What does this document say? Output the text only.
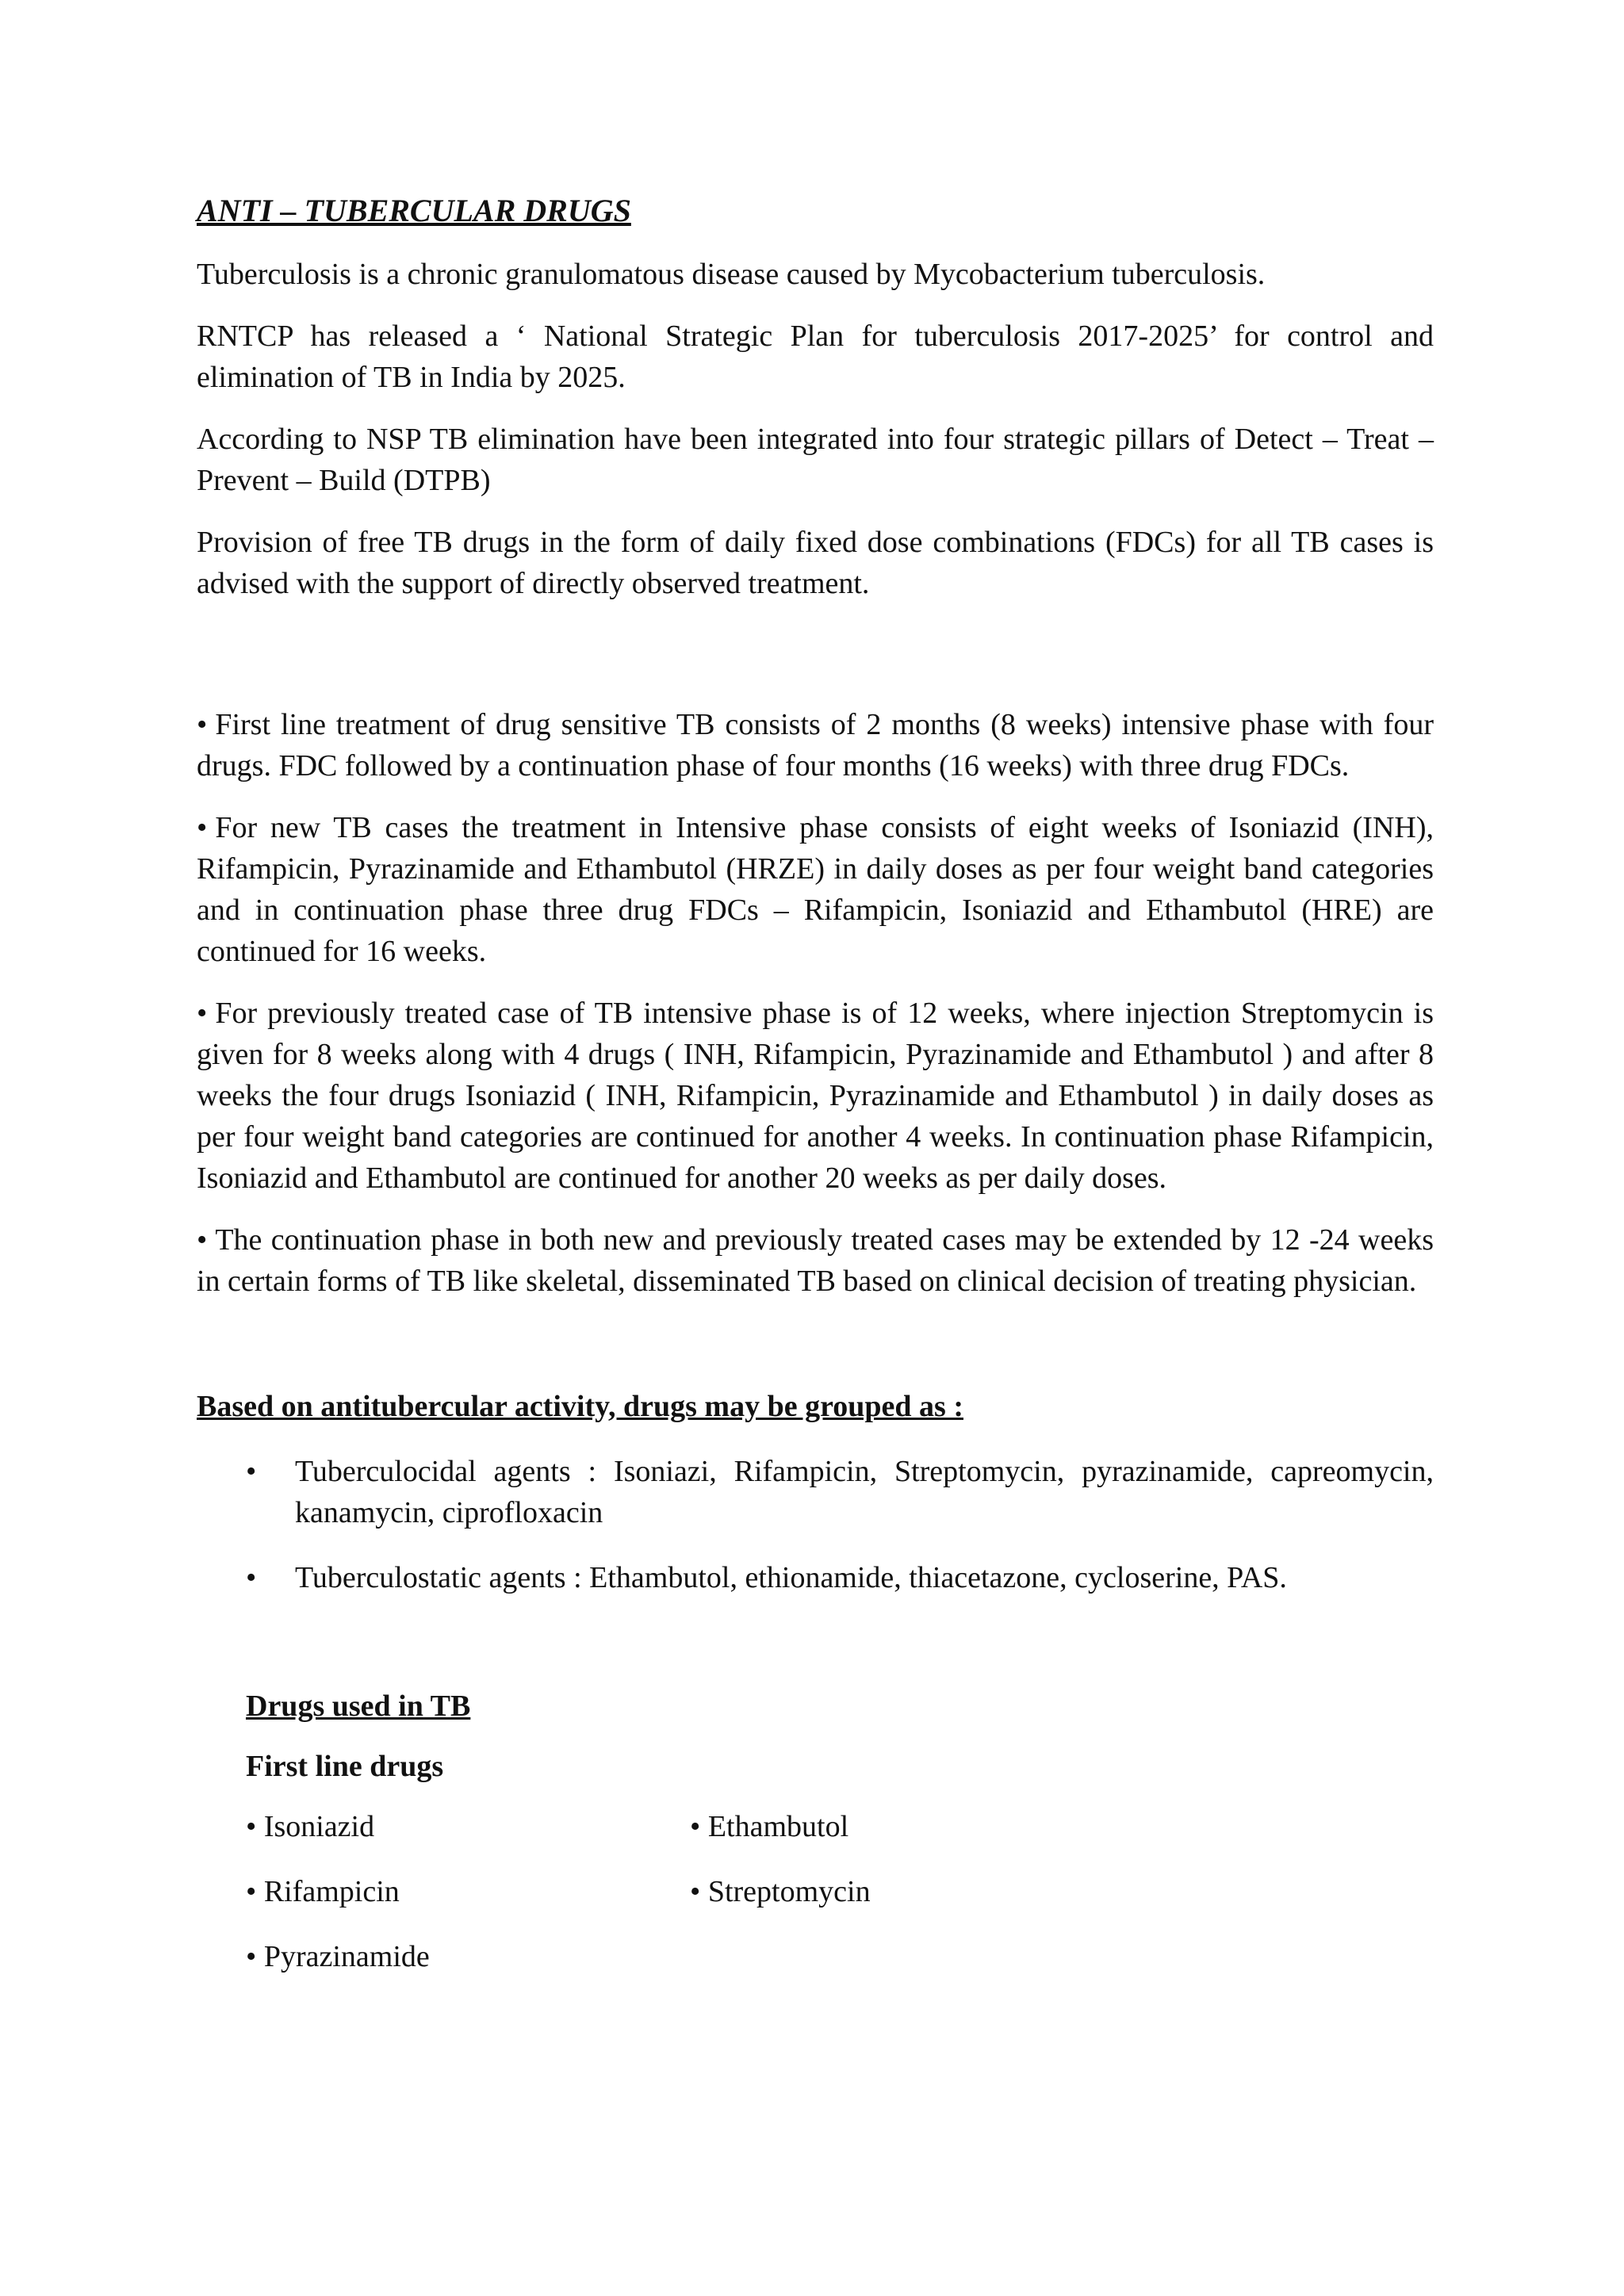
ANTI – TUBERCULAR DRUGS

Tuberculosis is a chronic granulomatous disease caused by Mycobacterium tuberculosis.

RNTCP has released a ‘ National Strategic Plan for tuberculosis 2017-2025’ for control and elimination of TB in India by 2025.

According to NSP TB elimination have been integrated into four strategic pillars of Detect – Treat –Prevent – Build (DTPB)

Provision of free TB drugs in the form of daily fixed dose combinations (FDCs) for all TB cases is advised with the support of directly observed treatment.

• First line treatment of drug sensitive TB consists of 2 months (8 weeks) intensive phase with four drugs. FDC followed by a continuation phase of four months (16 weeks) with three drug FDCs.
• For new TB cases the treatment in Intensive phase consists of eight weeks of Isoniazid (INH), Rifampicin, Pyrazinamide and Ethambutol (HRZE) in daily doses as per four weight band categories and in continuation phase three drug FDCs – Rifampicin, Isoniazid and Ethambutol (HRE) are continued for 16 weeks.
• For previously treated case of TB intensive phase is of 12 weeks, where injection Streptomycin is given for 8 weeks along with 4 drugs ( INH, Rifampicin, Pyrazinamide and Ethambutol ) and after 8 weeks the four drugs Isoniazid ( INH, Rifampicin, Pyrazinamide and Ethambutol ) in daily doses as per four weight band categories are continued for another 4 weeks. In continuation phase Rifampicin, Isoniazid and Ethambutol are continued for another 20 weeks as per daily doses.
• The continuation phase in both new and previously treated cases may be extended by 12 -24 weeks in certain forms of TB like skeletal, disseminated TB based on clinical decision of treating physician.
Based on antitubercular activity, drugs may be grouped as :
• Tuberculocidal agents : Isoniazi, Rifampicin, Streptomycin, pyrazinamide, capreomycin, kanamycin, ciprofloxacin
• Tuberculostatic agents : Ethambutol, ethionamide, thiacetazone, cycloserine, PAS.
Drugs used in TB
First line drugs
• Isoniazid	• Ethambutol
• Rifampicin	• Streptomycin
• Pyrazinamide
